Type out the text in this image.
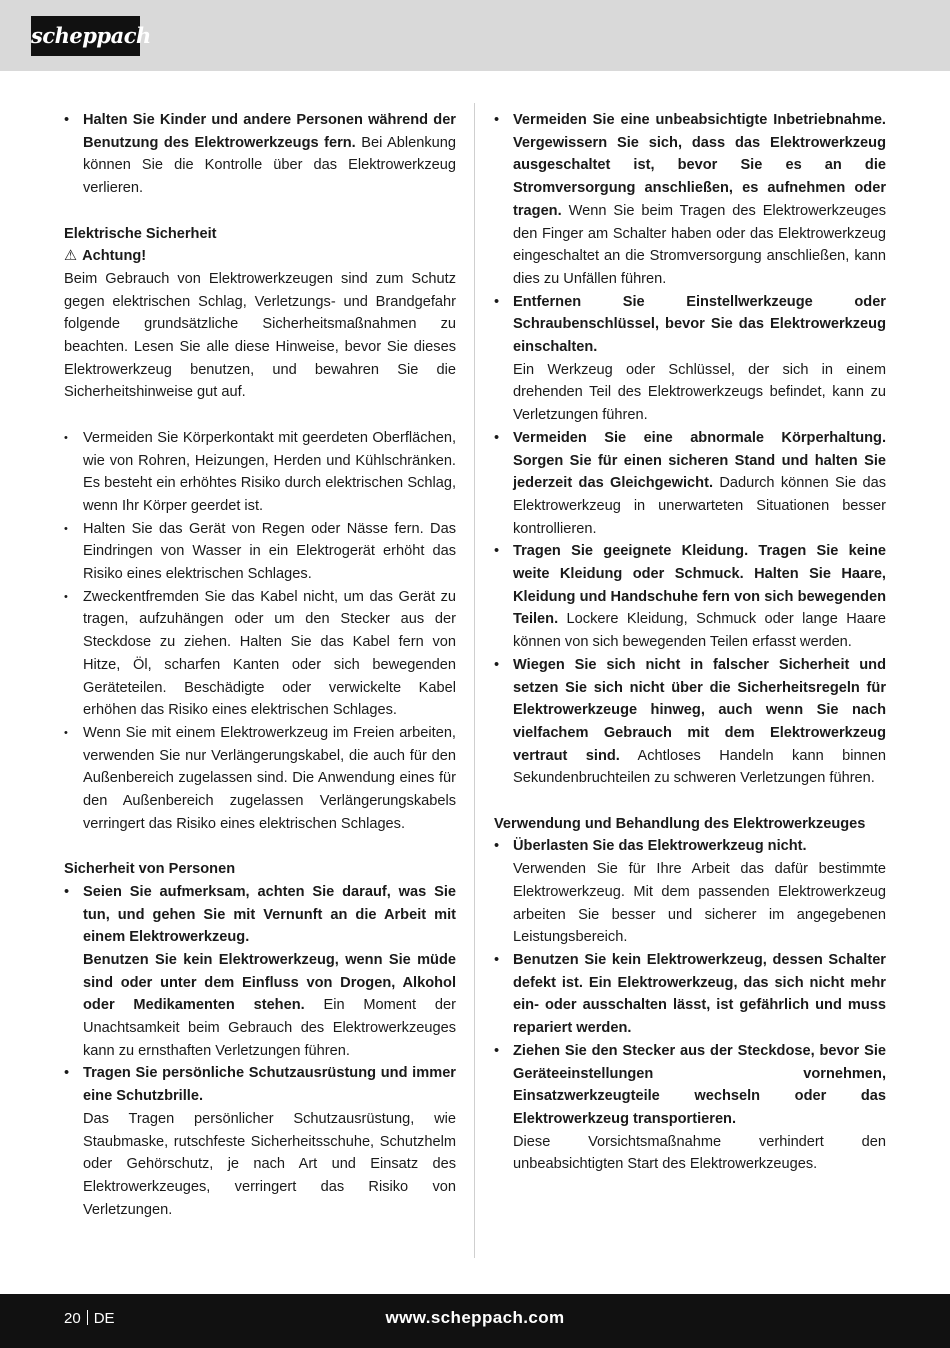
scheppach
• Halten Sie Kinder und andere Personen während der Benutzung des Elektrowerkzeugs fern. Bei Ablenkung können Sie die Kontrolle über das Elektrowerkzeug verlieren.

Elektrische Sicherheit

⚠ Achtung!

Beim Gebrauch von Elektrowerkzeugen sind zum Schutz gegen elektrischen Schlag, Verletzungs- und Brandgefahr folgende grundsätzliche Sicherheitsmaßnahmen zu beachten. Lesen Sie alle diese Hinweise, bevor Sie dieses Elektrowerkzeug benutzen, und bewahren Sie die Sicherheitshinweise gut auf.

• Vermeiden Sie Körperkontakt mit geerdeten Oberflächen, wie von Rohren, Heizungen, Herden und Kühlschränken. Es besteht ein erhöhtes Risiko durch elektrischen Schlag, wenn Ihr Körper geerdet ist.
• Halten Sie das Gerät von Regen oder Nässe fern. Das Eindringen von Wasser in ein Elektrogerät erhöht das Risiko eines elektrischen Schlages.
• Zweckentfremden Sie das Kabel nicht, um das Gerät zu tragen, aufzuhängen oder um den Stecker aus der Steckdose zu ziehen. Halten Sie das Kabel fern von Hitze, Öl, scharfen Kanten oder sich bewegenden Geräteteilen. Beschädigte oder verwickelte Kabel erhöhen das Risiko eines elektrischen Schlages.
• Wenn Sie mit einem Elektrowerkzeug im Freien arbeiten, verwenden Sie nur Verlängerungskabel, die auch für den Außenbereich zugelassen sind. Die Anwendung eines für den Außenbereich zugelassen Verlängerungskabels verringert das Risiko eines elektrischen Schlages.

Sicherheit von Personen

• Seien Sie aufmerksam, achten Sie darauf, was Sie tun, und gehen Sie mit Vernunft an die Arbeit mit einem Elektrowerkzeug.
Benutzen Sie kein Elektrowerkzeug, wenn Sie müde sind oder unter dem Einfluss von Drogen, Alkohol oder Medikamenten stehen. Ein Moment der Unachtsamkeit beim Gebrauch des Elektrowerkzeuges kann zu ernsthaften Verletzungen führen.
• Tragen Sie persönliche Schutzausrüstung und immer eine Schutzbrille.
Das Tragen persönlicher Schutzausrüstung, wie Staubmaske, rutschfeste Sicherheitsschuhe, Schutzhelm oder Gehörschutz, je nach Art und Einsatz des Elektrowerkzeuges, verringert das Risiko von Verletzungen.
• Vermeiden Sie eine unbeabsichtigte Inbetriebnahme. Vergewissern Sie sich, dass das Elektrowerkzeug ausgeschaltet ist, bevor Sie es an die Stromversorgung anschließen, es aufnehmen oder tragen. Wenn Sie beim Tragen des Elektrowerkzeuges den Finger am Schalter haben oder das Elektrowerkzeug eingeschaltet an die Stromversorgung anschließen, kann dies zu Unfällen führen.
• Entfernen Sie Einstellwerkzeuge oder Schraubenschlüssel, bevor Sie das Elektrowerkzeug einschalten.
Ein Werkzeug oder Schlüssel, der sich in einem drehenden Teil des Elektrowerkzeugs befindet, kann zu Verletzungen führen.
• Vermeiden Sie eine abnormale Körperhaltung. Sorgen Sie für einen sicheren Stand und halten Sie jederzeit das Gleichgewicht. Dadurch können Sie das Elektrowerkzeug in unerwarteten Situationen besser kontrollieren.
• Tragen Sie geeignete Kleidung. Tragen Sie keine weite Kleidung oder Schmuck. Halten Sie Haare, Kleidung und Handschuhe fern von sich bewegenden Teilen. Lockere Kleidung, Schmuck oder lange Haare können von sich bewegenden Teilen erfasst werden.
• Wiegen Sie sich nicht in falscher Sicherheit und setzen Sie sich nicht über die Sicherheitsregeln für Elektrowerkzeuge hinweg, auch wenn Sie nach vielfachem Gebrauch mit dem Elektrowerkzeug vertraut sind. Achtloses Handeln kann binnen Sekundenbruchteilen zu schweren Verletzungen führen.

Verwendung und Behandlung des Elektrowerkzeuges

• Überlasten Sie das Elektrowerkzeug nicht.
Verwenden Sie für Ihre Arbeit das dafür bestimmte Elektrowerkzeug. Mit dem passenden Elektrowerkzeug arbeiten Sie besser und sicherer im angegebenen Leistungsbereich.
• Benutzen Sie kein Elektrowerkzeug, dessen Schalter defekt ist. Ein Elektrowerkzeug, das sich nicht mehr ein- oder ausschalten lässt, ist gefährlich und muss repariert werden.
• Ziehen Sie den Stecker aus der Steckdose, bevor Sie Geräteeinstellungen vornehmen, Einsatzwerkzeugteile wechseln oder das Elektrowerkzeug transportieren.
Diese Vorsichtsmaßnahme verhindert den unbeabsichtigten Start des Elektrowerkzeuges.
20 DE	www.scheppach.com
